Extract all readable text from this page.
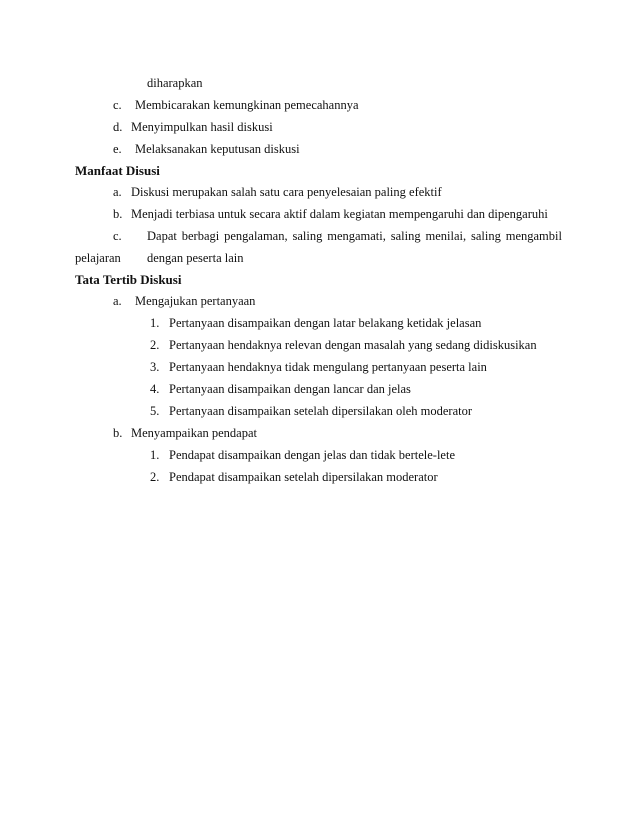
diharapkan
c. Membicarakan kemungkinan pemecahannya
d. Menyimpulkan hasil diskusi
e. Melaksanakan keputusan diskusi
Manfaat Disusi
a. Diskusi merupakan salah satu cara penyelesaian paling efektif
b. Menjadi terbiasa untuk secara aktif dalam kegiatan mempengaruhi dan dipengaruhi
c. Dapat berbagi pengalaman, saling mengamati, saling menilai, saling mengambil
pelajaran dengan peserta lain
Tata Tertib Diskusi
a. Mengajukan pertanyaan
1. Pertanyaan disampaikan dengan latar belakang ketidak jelasan
2. Pertanyaan hendaknya relevan dengan masalah yang sedang didiskusikan
3. Pertanyaan hendaknya tidak mengulang pertanyaan peserta lain
4. Pertanyaan disampaikan dengan lancar dan jelas
5. Pertanyaan disampaikan setelah dipersilakan oleh moderator
b. Menyampaikan pendapat
1. Pendapat disampaikan dengan jelas dan tidak bertele-lete
2. Pendapat disampaikan setelah dipersilakan moderator
